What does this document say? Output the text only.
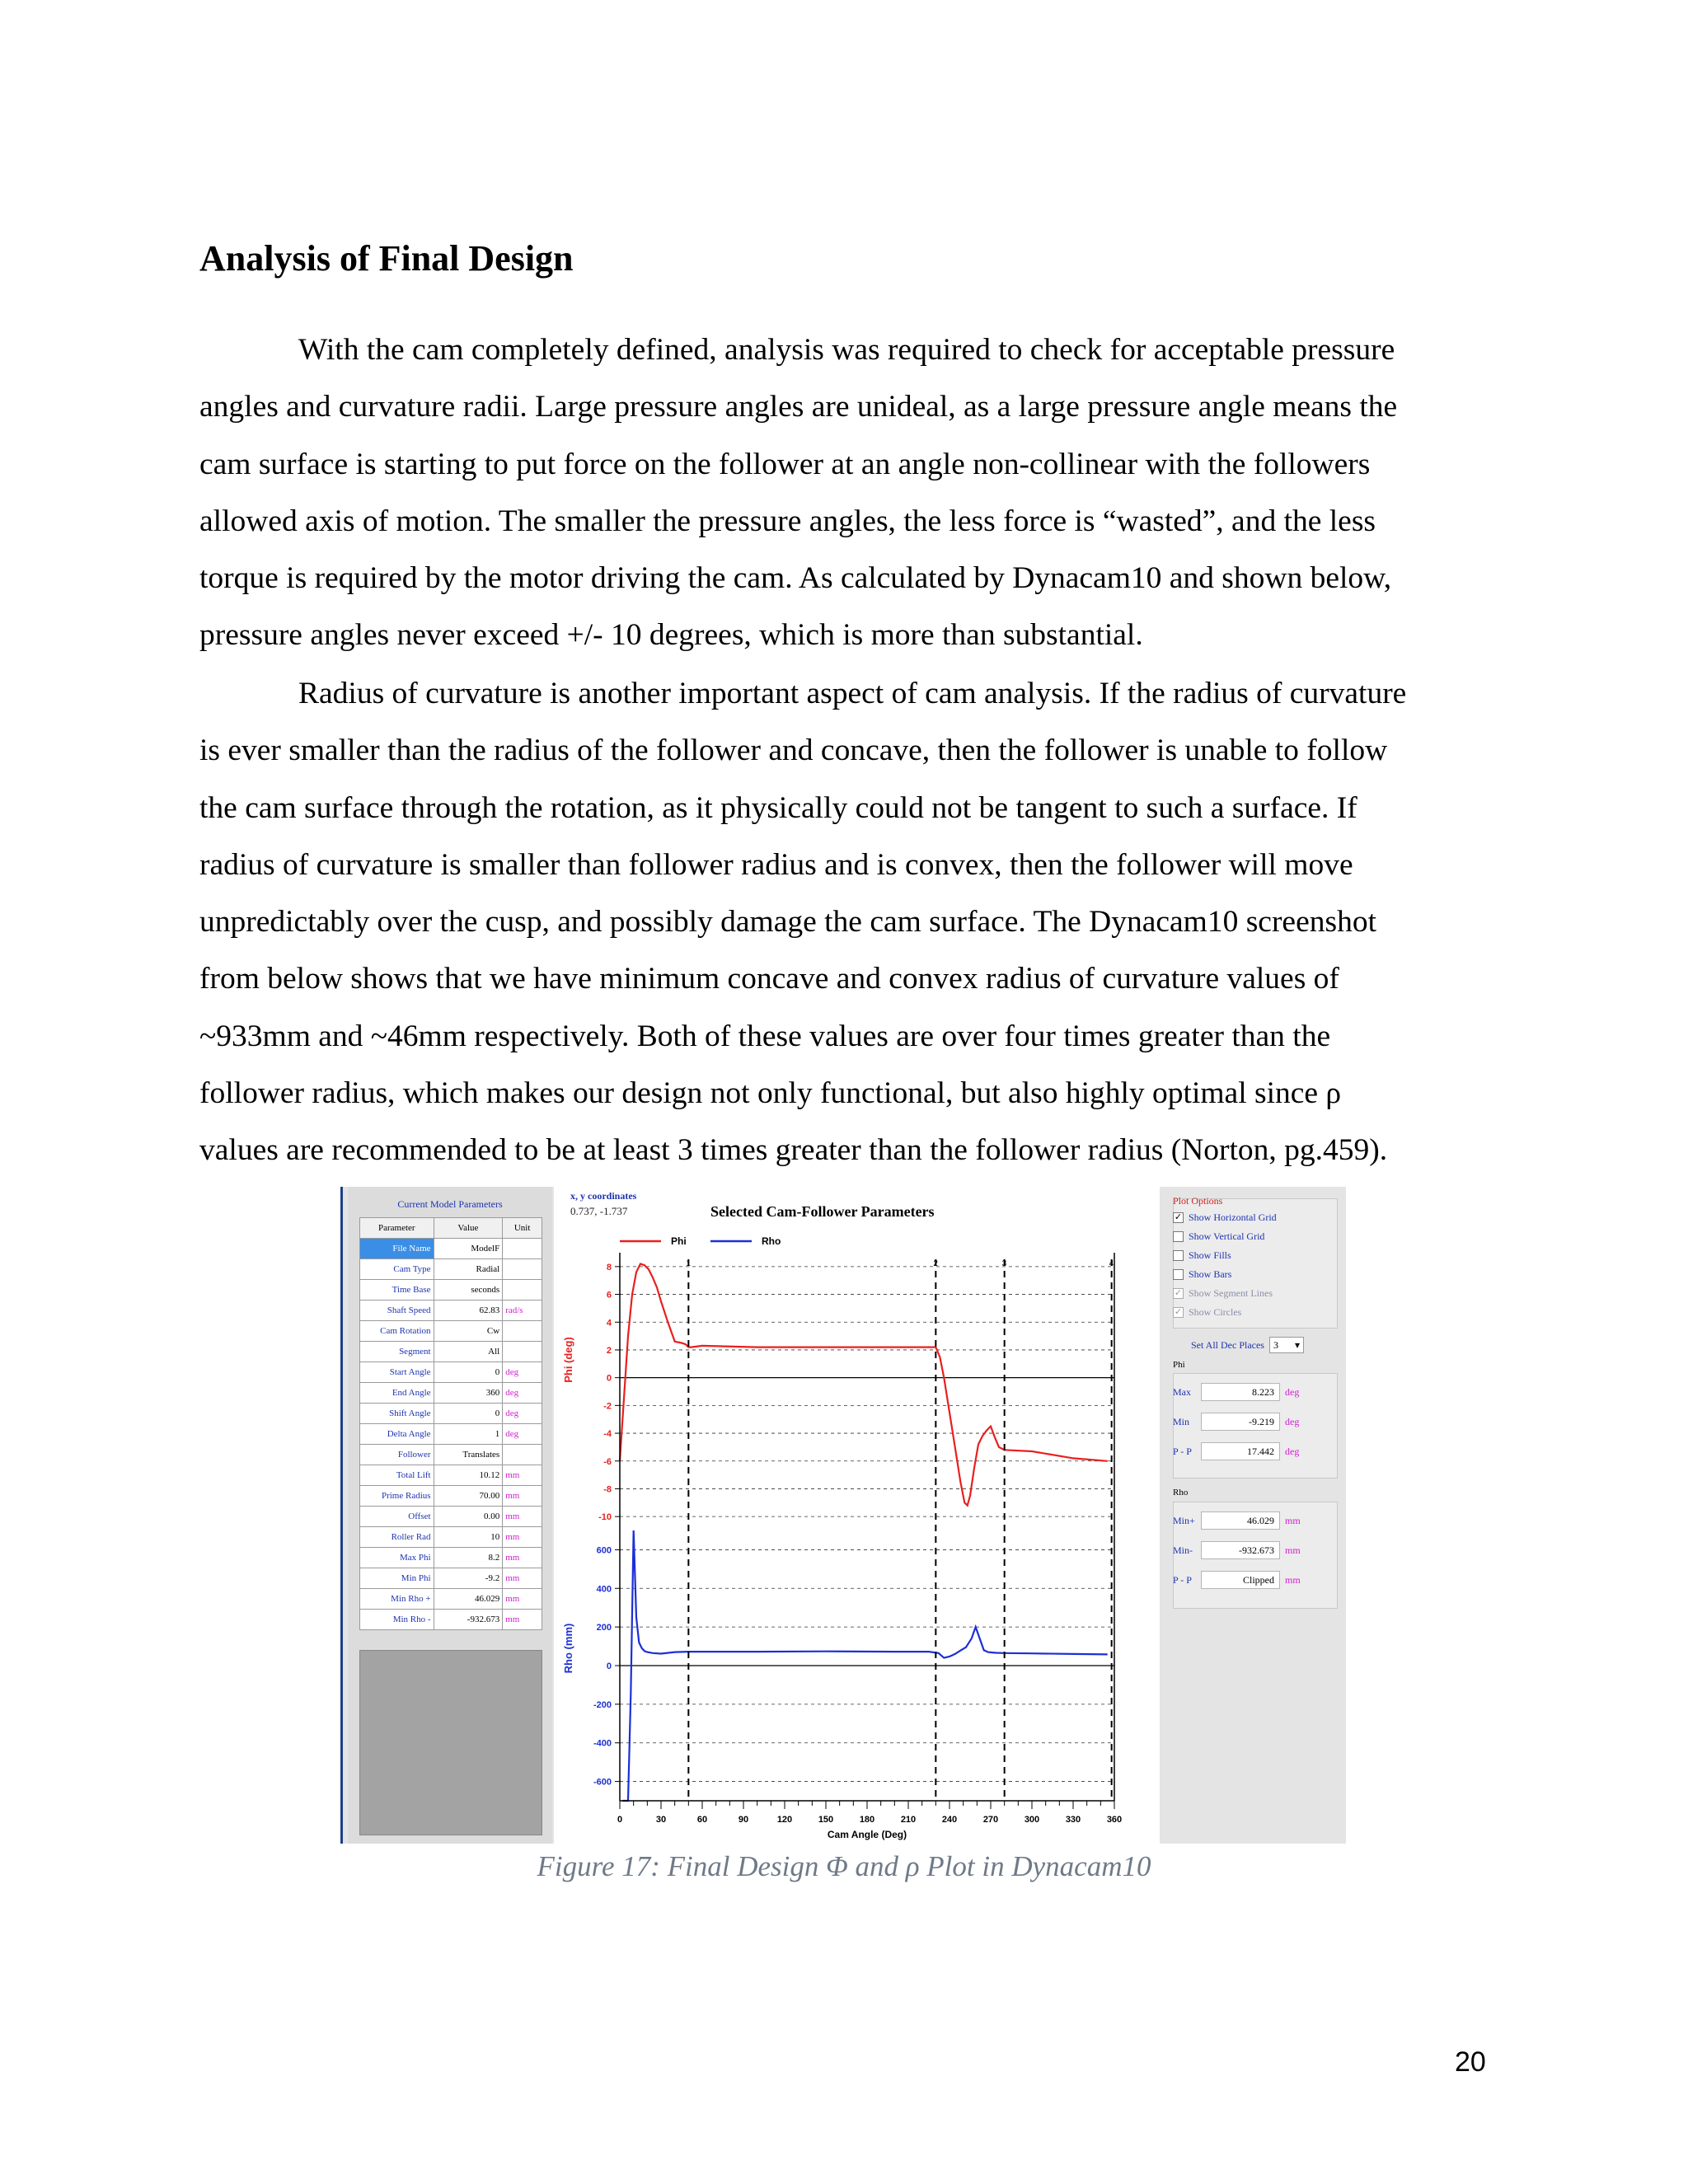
Analysis of Final Design
With the cam completely defined, analysis was required to check for acceptable pressure
angles and curvature radii. Large pressure angles are unideal, as a large pressure angle means the
cam surface is starting to put force on the follower at an angle non-collinear with the followers
allowed axis of motion. The smaller the pressure angles, the less force is “wasted”, and the less
torque is required by the motor driving the cam. As calculated by Dynacam10 and shown below,
pressure angles never exceed +/- 10 degrees, which is more than substantial.
Radius of curvature is another important aspect of cam analysis. If the radius of curvature
is ever smaller than the radius of the follower and concave, then the follower is unable to follow
the cam surface through the rotation, as it physically could not be tangent to such a surface. If
radius of curvature is smaller than follower radius and is convex, then the follower will move
unpredictably over the cusp, and possibly damage the cam surface. The Dynacam10 screenshot
from below shows that we have minimum concave and convex radius of curvature values of
~933mm and ~46mm respectively. Both of these values are over four times greater than the
follower radius, which makes our design not only functional, but also highly optimal since ρ
values are recommended to be at least 3 times greater than the follower radius (Norton, pg.459).
Current Model Parameters
Parameter	Value	Unit
File Name	ModelF	
Cam Type	Radial	
Time Base	seconds	
Shaft Speed	62.83	rad/s
Cam Rotation	Cw	
Segment	All	
Start Angle	0	deg
End Angle	360	deg
Shift Angle	0	deg
Delta Angle	1	deg
Follower	Translates	
Total Lift	10.12	mm
Prime Radius	70.00	mm
Offset	0.00	mm
Roller Rad	10	mm
Max Phi	8.2	mm
Min Phi	-9.2	mm
Min Rho +	46.029	mm
Min Rho -	-932.673	mm
x, y coordinates
0.737, -1.737	Selected Cam-Follower Parameters
Phi	Rho
8
6
4
2
0
-2
-4
-6
-8
-10
Phi (deg)
600
400
200
0
-200
-400
-600
Rho (mm)
1	2	3	4
0	30	60	90	120	150	180	210	240	270	300	330	360
Cam Angle (Deg)
Plot Options
✓ Show Horizontal Grid
Show Vertical Grid
Show Fills
Show Bars
✓ Show Segment Lines
✓ Show Circles
Set All Dec Places 3 ▾
Phi
Max	8.223	deg
Min	-9.219	deg
P - P	17.442	deg
Rho
Min+	46.029	mm
Min-	-932.673	mm
P - P	Clipped	mm
Figure 17: Final Design Φ and ρ Plot in Dynacam10
20
